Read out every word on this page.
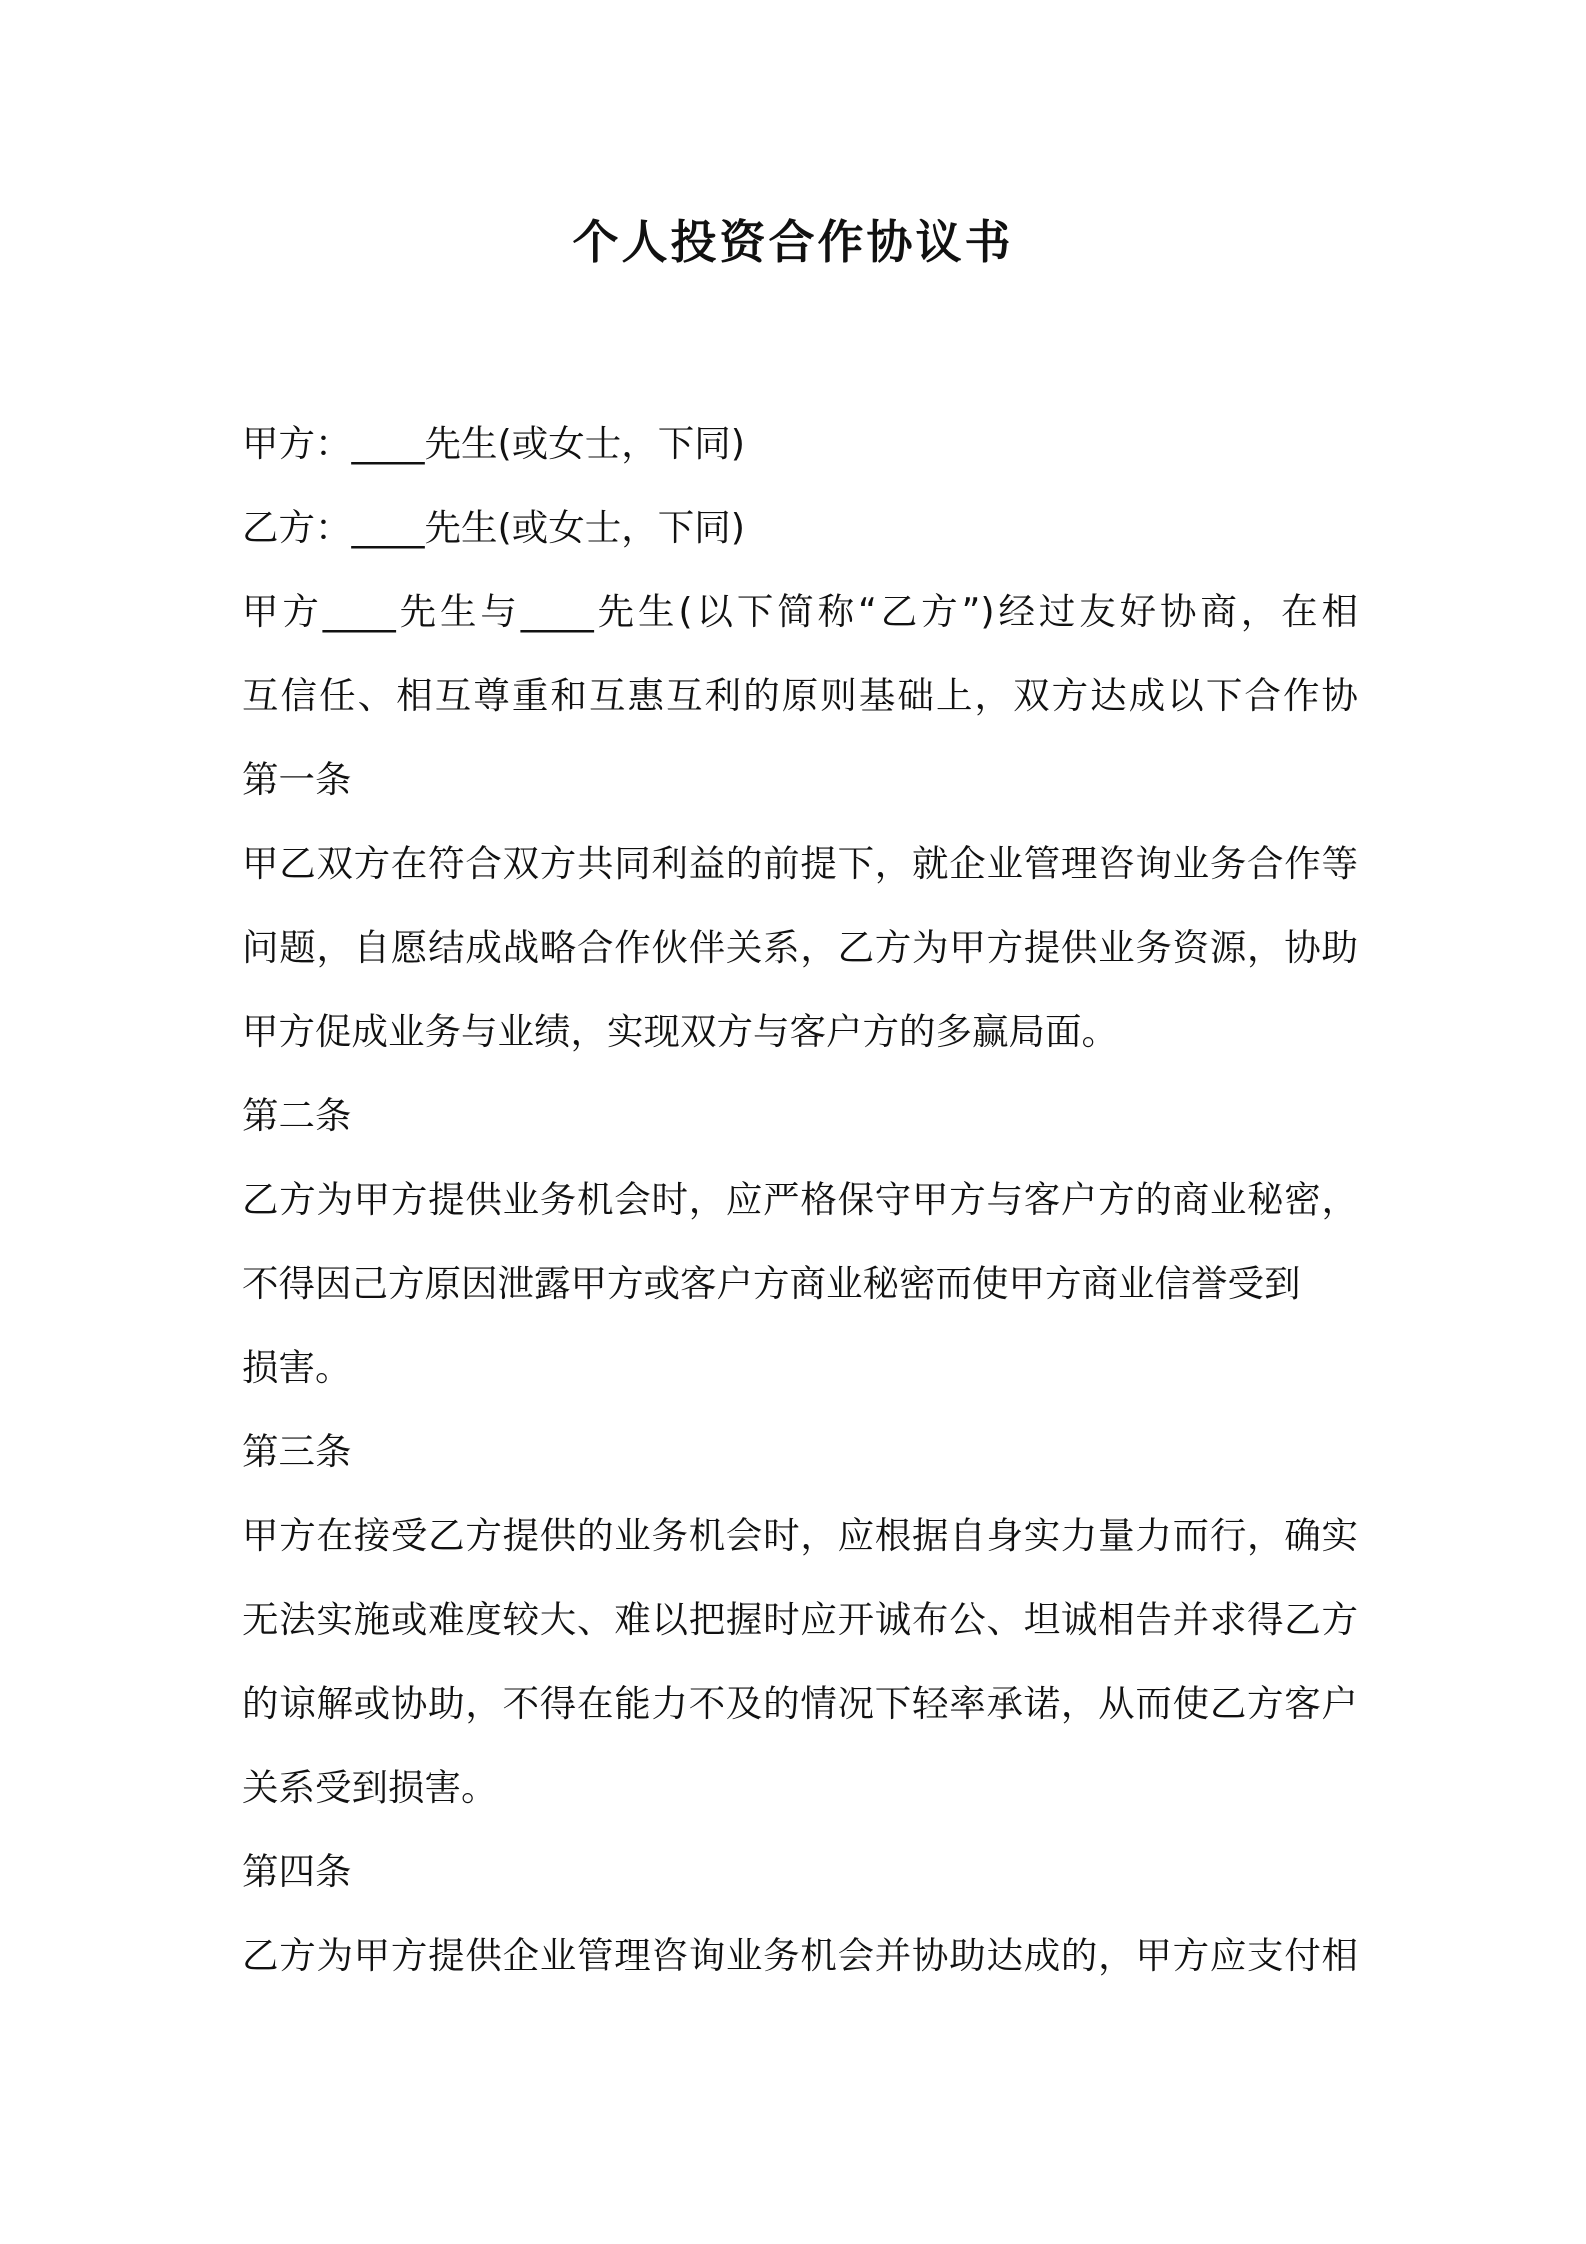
个人投资合作协议书
甲方：____先生(或女士，下同)
乙方：____先生(或女士，下同)
甲方____先生与____先生(以下简称“乙方”)经过友好协商，在相
互信任、相互尊重和互惠互利的原则基础上，双方达成以下合作协
第一条
甲乙双方在符合双方共同利益的前提下，就企业管理咨询业务合作等
问题，自愿结成战略合作伙伴关系，乙方为甲方提供业务资源，协助
甲方促成业务与业绩，实现双方与客户方的多赢局面。
第二条
乙方为甲方提供业务机会时，应严格保守甲方与客户方的商业秘密，
不得因己方原因泄露甲方或客户方商业秘密而使甲方商业信誉受到
损害。
第三条
甲方在接受乙方提供的业务机会时，应根据自身实力量力而行，确实
无法实施或难度较大、难以把握时应开诚布公、坦诚相告并求得乙方
的谅解或协助，不得在能力不及的情况下轻率承诺，从而使乙方客户
关系受到损害。
第四条
乙方为甲方提供企业管理咨询业务机会并协助达成的，甲方应支付相
